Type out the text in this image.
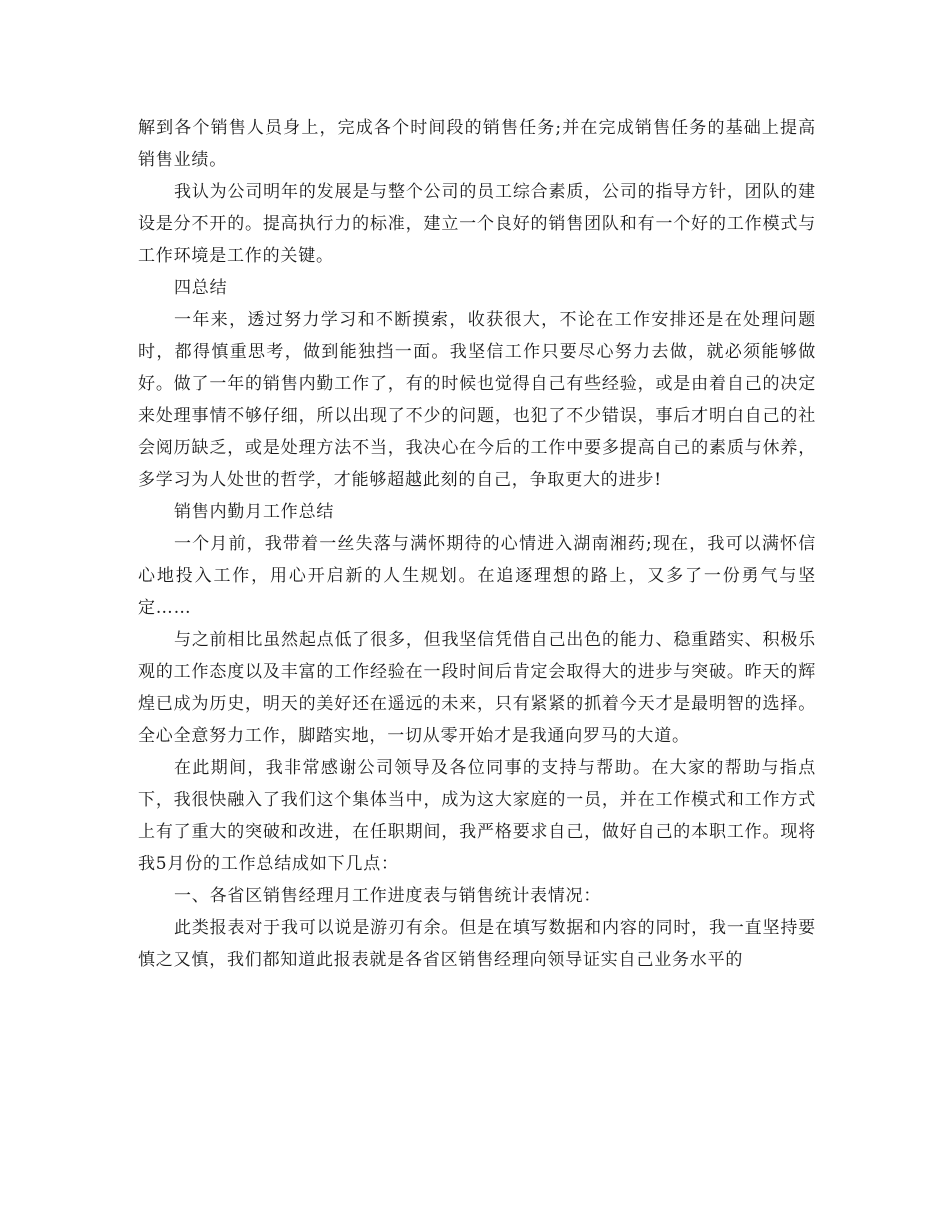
解到各个销售人员身上，完成各个时间段的销售任务;并在完成销售任务的基础上提高销售业绩。

我认为公司明年的发展是与整个公司的员工综合素质，公司的指导方针，团队的建设是分不开的。提高执行力的标准，建立一个良好的销售团队和有一个好的工作模式与工作环境是工作的关键。

四总结

一年来，透过努力学习和不断摸索，收获很大，不论在工作安排还是在处理问题时，都得慎重思考，做到能独挡一面。我坚信工作只要尽心努力去做，就必须能够做好。做了一年的销售内勤工作了，有的时候也觉得自己有些经验，或是由着自己的决定来处理事情不够仔细，所以出现了不少的问题，也犯了不少错误，事后才明白自己的社会阅历缺乏，或是处理方法不当，我决心在今后的工作中要多提高自己的素质与休养，多学习为人处世的哲学，才能够超越此刻的自己，争取更大的进步!

销售内勤月工作总结

一个月前，我带着一丝失落与满怀期待的心情进入湖南湘药;现在，我可以满怀信心地投入工作，用心开启新的人生规划。在追逐理想的路上，又多了一份勇气与坚定……

与之前相比虽然起点低了很多，但我坚信凭借自己出色的能力、稳重踏实、积极乐观的工作态度以及丰富的工作经验在一段时间后肯定会取得大的进步与突破。昨天的辉煌已成为历史，明天的美好还在遥远的未来，只有紧紧的抓着今天才是最明智的选择。全心全意努力工作，脚踏实地，一切从零开始才是我通向罗马的大道。

在此期间，我非常感谢公司领导及各位同事的支持与帮助。在大家的帮助与指点下，我很快融入了我们这个集体当中，成为这大家庭的一员，并在工作模式和工作方式上有了重大的突破和改进，在任职期间，我严格要求自己，做好自己的本职工作。现将我5月份的工作总结成如下几点：

一、各省区销售经理月工作进度表与销售统计表情况：

此类报表对于我可以说是游刃有余。但是在填写数据和内容的同时，我一直坚持要慎之又慎，我们都知道此报表就是各省区销售经理向领导证实自己业务水平的
